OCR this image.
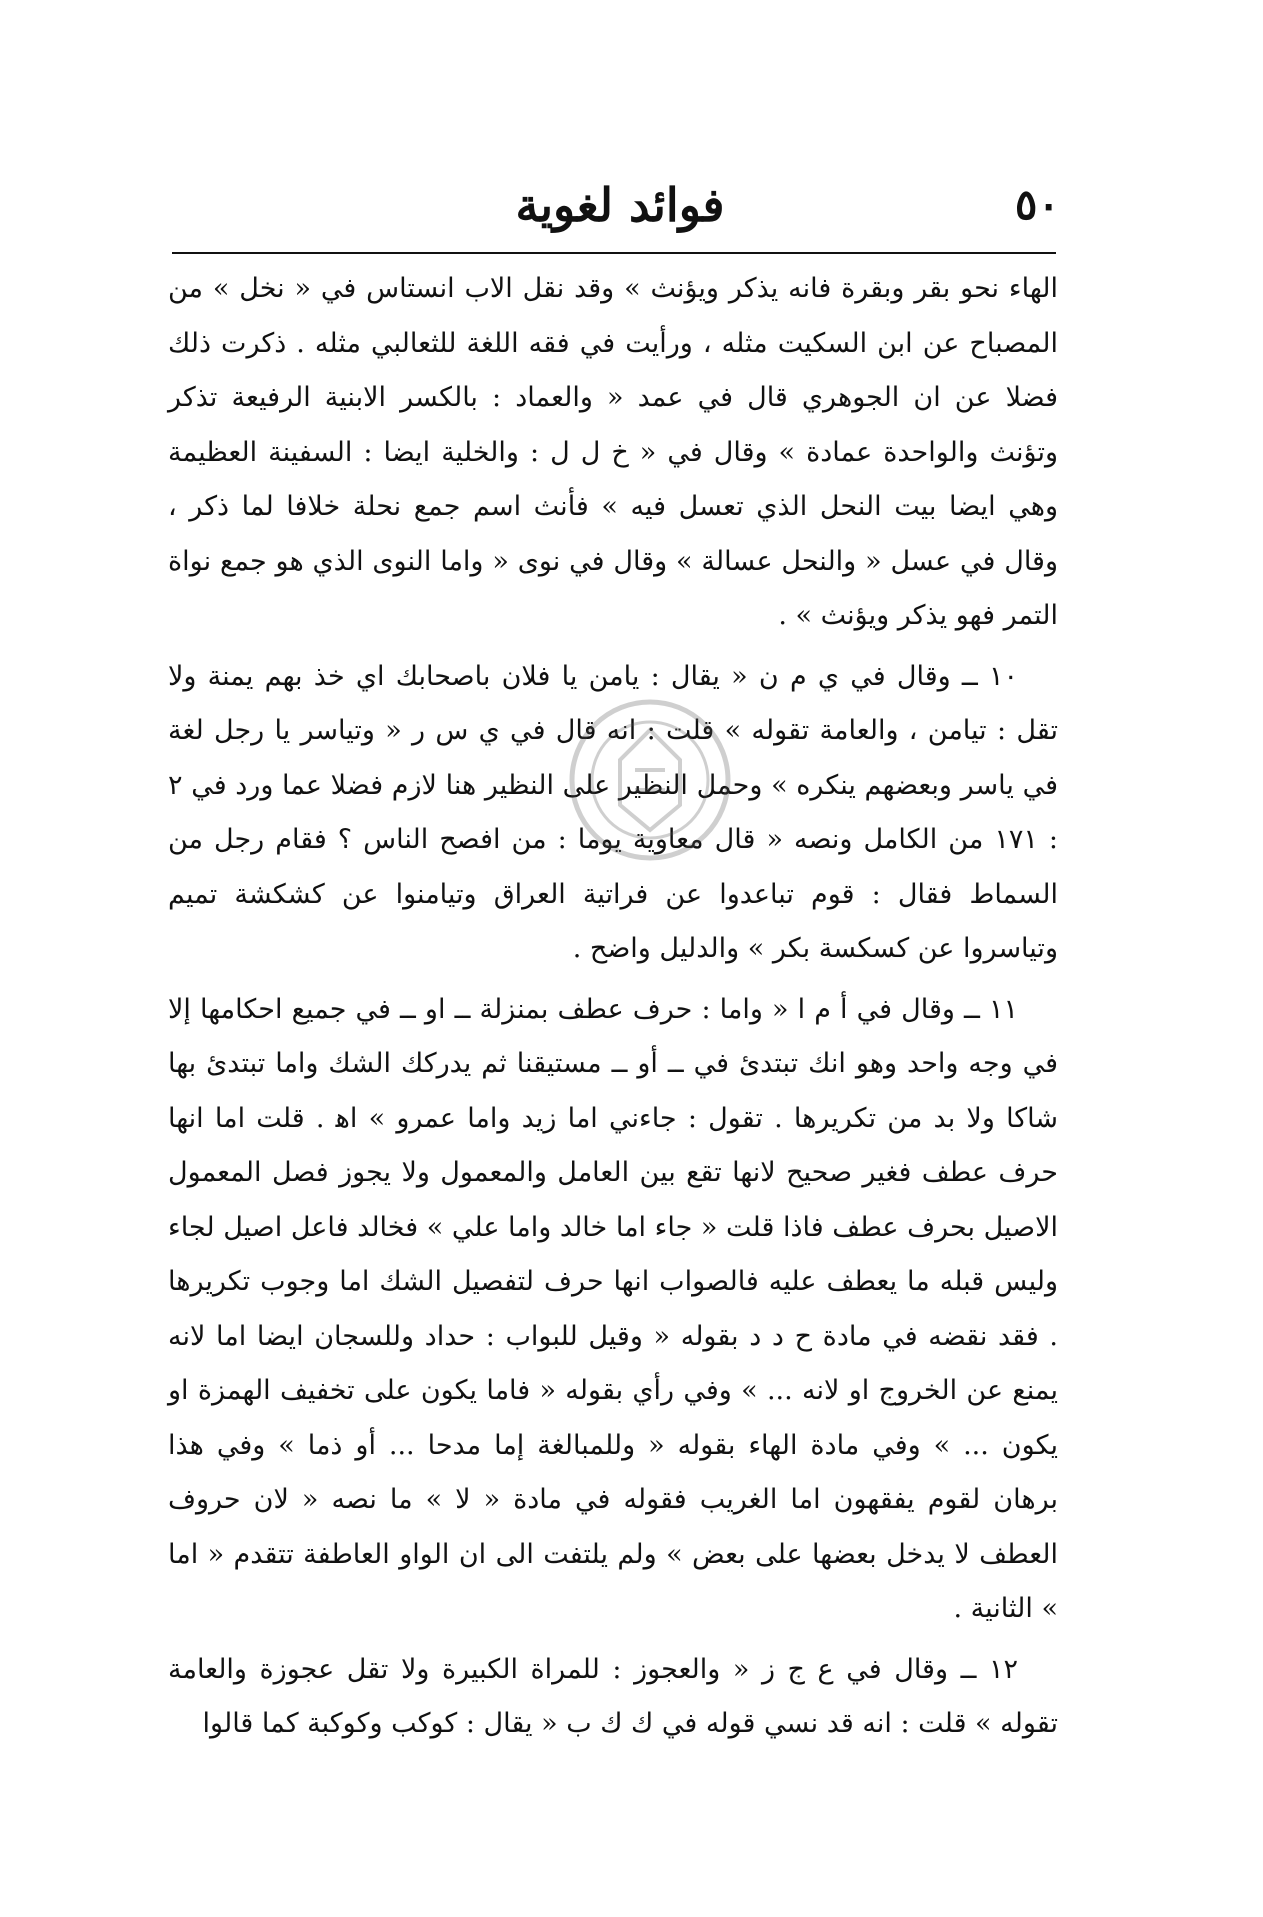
٥٠
فوائد لغوية

الهاء نحو بقر وبقرة فانه يذكر ويؤنث » وقد نقل الاب انستاس في « نخل » من المصباح عن ابن السكيت مثله ، ورأيت في فقه اللغة للثعالبي مثله . ذكرت ذلك فضلا عن ان الجوهري قال في عمد « والعماد : بالكسر الابنية الرفيعة تذكر وتؤنث والواحدة عمادة » وقال في « خ ل ل : والخلية ايضا : السفينة العظيمة وهي ايضا بيت النحل الذي تعسل فيه » فأنث اسم جمع نحلة خلافا لما ذكر ، وقال في عسل « والنحل عسالة » وقال في نوى « واما النوى الذي هو جمع نواة التمر فهو يذكر ويؤنث » .

١٠ ــ وقال في ي م ن « يقال : يامن يا فلان باصحابك اي خذ بهم يمنة ولا تقل : تيامن ، والعامة تقوله » قلت : انه قال في ي س ر « وتياسر يا رجل لغة في ياسر وبعضهم ينكره » وحمل النظير على النظير هنا لازم فضلا عما ورد في ٢ : ١٧١ من الكامل ونصه « قال معاوية يوما : من افصح الناس ؟ فقام رجل من السماط فقال : قوم تباعدوا عن فراتية العراق وتيامنوا عن كشكشة تميم وتياسروا عن كسكسة بكر » والدليل واضح .

١١ ــ وقال في أ م ا « واما : حرف عطف بمنزلة ــ او ــ في جميع احكامها إلا في وجه واحد وهو انك تبتدئ في ــ أو ــ مستيقنا ثم يدركك الشك واما تبتدئ بها شاكا ولا بد من تكريرها . تقول : جاءني اما زيد واما عمرو » اﻫ . قلت اما انها حرف عطف فغير صحيح لانها تقع بين العامل والمعمول ولا يجوز فصل المعمول الاصيل بحرف عطف فاذا قلت « جاء اما خالد واما علي » فخالد فاعل اصيل لجاء وليس قبله ما يعطف عليه فالصواب انها حرف لتفصيل الشك اما وجوب تكريرها . فقد نقضه في مادة ح د د بقوله « وقيل للبواب : حداد وللسجان ايضا اما لانه يمنع عن الخروج او لانه ... » وفي رأي بقوله « فاما يكون على تخفيف الهمزة او يكون ... » وفي مادة الهاء بقوله « وللمبالغة إما مدحا ... أو ذما » وفي هذا برهان لقوم يفقهون اما الغريب فقوله في مادة « لا » ما نصه « لان حروف العطف لا يدخل بعضها على بعض » ولم يلتفت الى ان الواو العاطفة تتقدم « اما » الثانية .

١٢ ــ وقال في ع ج ز « والعجوز : للمراة الكبيرة ولا تقل عجوزة والعامة تقوله » قلت : انه قد نسي قوله في ك ك ب « يقال : كوكب وكوكبة كما قالوا
